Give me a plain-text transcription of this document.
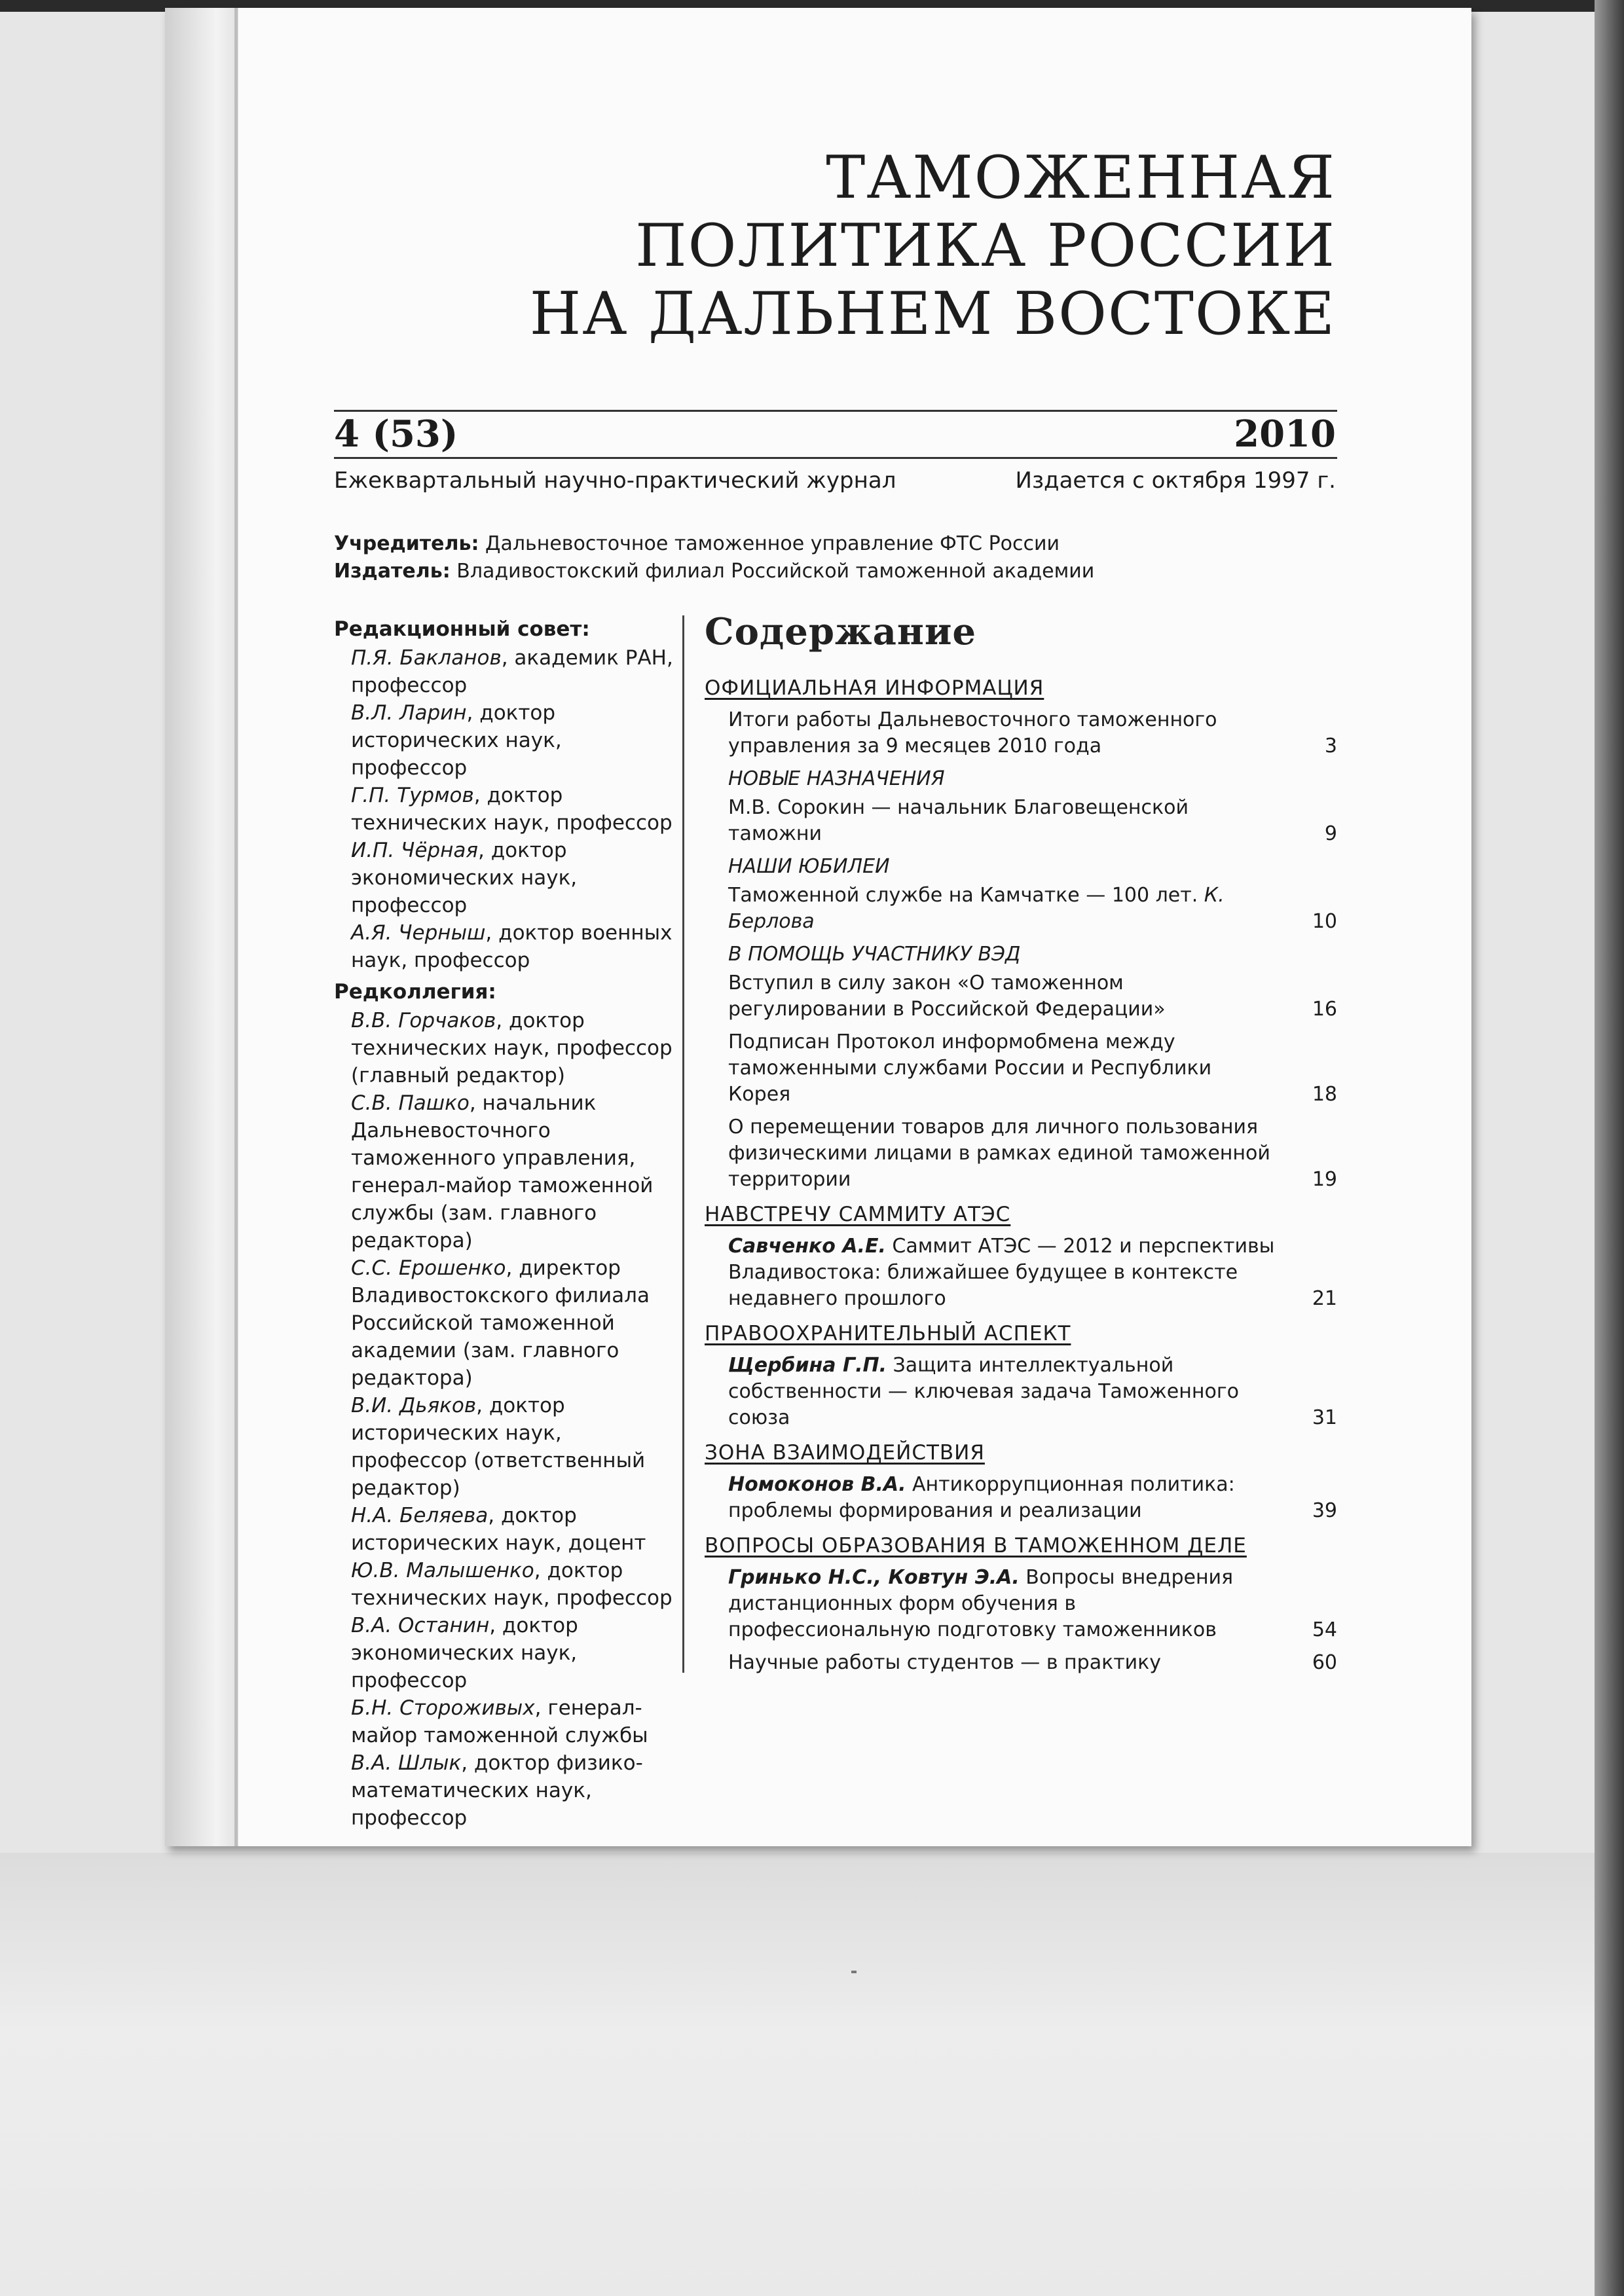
ТАМОЖЕННАЯ
ПОЛИТИКА РОССИИ
НА ДАЛЬНЕМ ВОСТОКЕ
4 (53)	2010
Ежеквартальный научно-практический журнал	Издается с октября 1997 г.
Учредитель: Дальневосточное таможенное управление ФТС России
Издатель: Владивостокский филиал Российской таможенной академии
Редакционный совет:
П.Я. Бакланов, академик РАН, профессор
В.Л. Ларин, доктор исторических наук, профессор
Г.П. Турмов, доктор технических наук, профессор
И.П. Чёрная, доктор экономических наук, профессор
А.Я. Черныш, доктор военных наук, профессор
Редколлегия:
В.В. Горчаков, доктор технических наук, профессор (главный редактор)
С.В. Пашко, начальник Дальневосточного таможенного управления, генерал-майор таможенной службы (зам. главного редактора)
С.С. Ерошенко, директор Владивостокского филиала Российской таможенной академии (зам. главного редактора)
В.И. Дьяков, доктор исторических наук, профессор (ответственный редактор)
Н.А. Беляева, доктор исторических наук, доцент
Ю.В. Малышенко, доктор технических наук, профессор
В.А. Останин, доктор экономических наук, профессор
Б.Н. Стороживых, генерал-майор таможенной службы
В.А. Шлык, доктор физико-математических наук, профессор
Содержание
ОФИЦИАЛЬНАЯ ИНФОРМАЦИЯ
Итоги работы Дальневосточного таможенного управления за 9 месяцев 2010 года	3
НОВЫЕ НАЗНАЧЕНИЯ
М.В. Сорокин — начальник Благовещенской таможни	9
НАШИ ЮБИЛЕИ
Таможенной службе на Камчатке — 100 лет. К. Берлова	10
В ПОМОЩЬ УЧАСТНИКУ ВЭД
Вступил в силу закон «О таможенном регулировании в Российской Федерации»	16
Подписан Протокол информобмена между таможенными службами России и Республики Корея	18
О перемещении товаров для личного пользования физическими лицами в рамках единой таможенной территории	19
НАВСТРЕЧУ САММИТУ АТЭС
Савченко А.Е. Саммит АТЭС — 2012 и перспективы Владивостока: ближайшее будущее в контексте недавнего прошлого	21
ПРАВООХРАНИТЕЛЬНЫЙ АСПЕКТ
Щербина Г.П. Защита интеллектуальной собственности — ключевая задача Таможенного союза	31
ЗОНА ВЗАИМОДЕЙСТВИЯ
Номоконов В.А. Антикоррупционная политика: проблемы формирования и реализации	39
ВОПРОСЫ ОБРАЗОВАНИЯ В ТАМОЖЕННОМ ДЕЛЕ
Гринько Н.С., Ковтун Э.А. Вопросы внедрения дистанционных форм обучения в профессиональную подготовку таможенников	54
Научные работы студентов — в практику	60
